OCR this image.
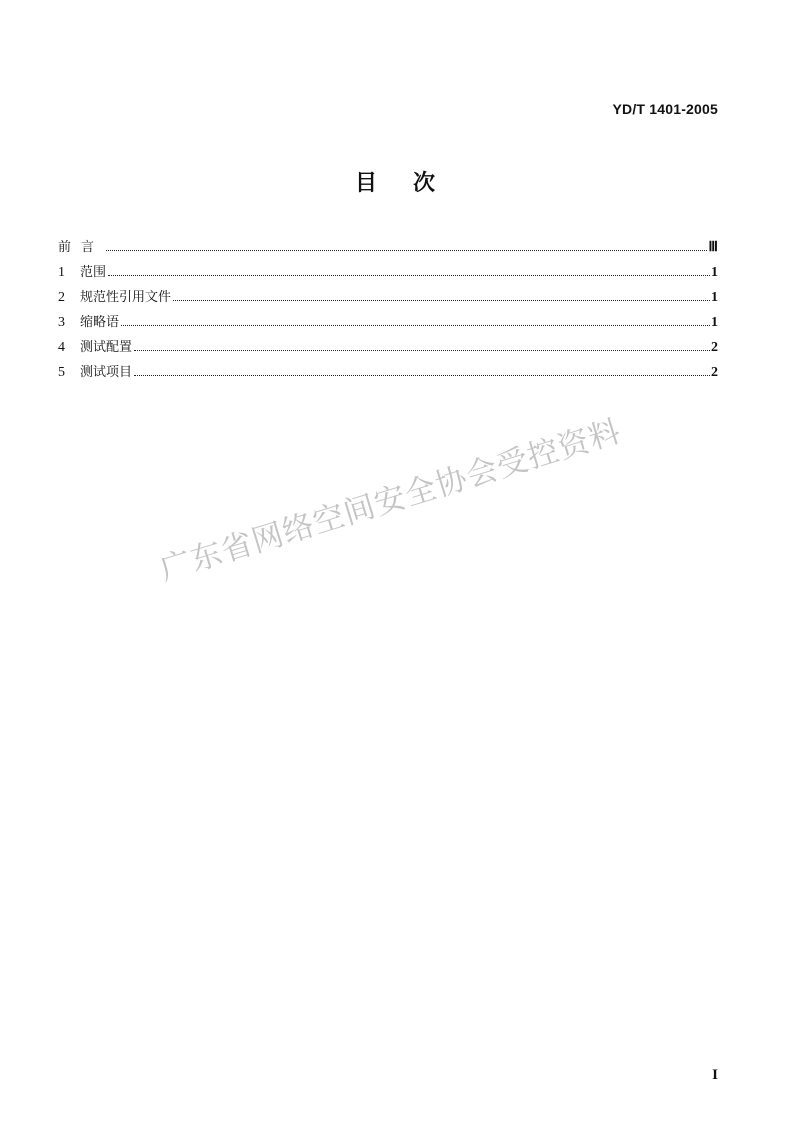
YD/T 1401-2005
目 次
前言	Ⅲ
1	范围	1
2	规范性引用文件	1
3	缩略语	1
4	测试配置	2
5	测试项目	2
广东省网络空间安全协会受控资料
I
